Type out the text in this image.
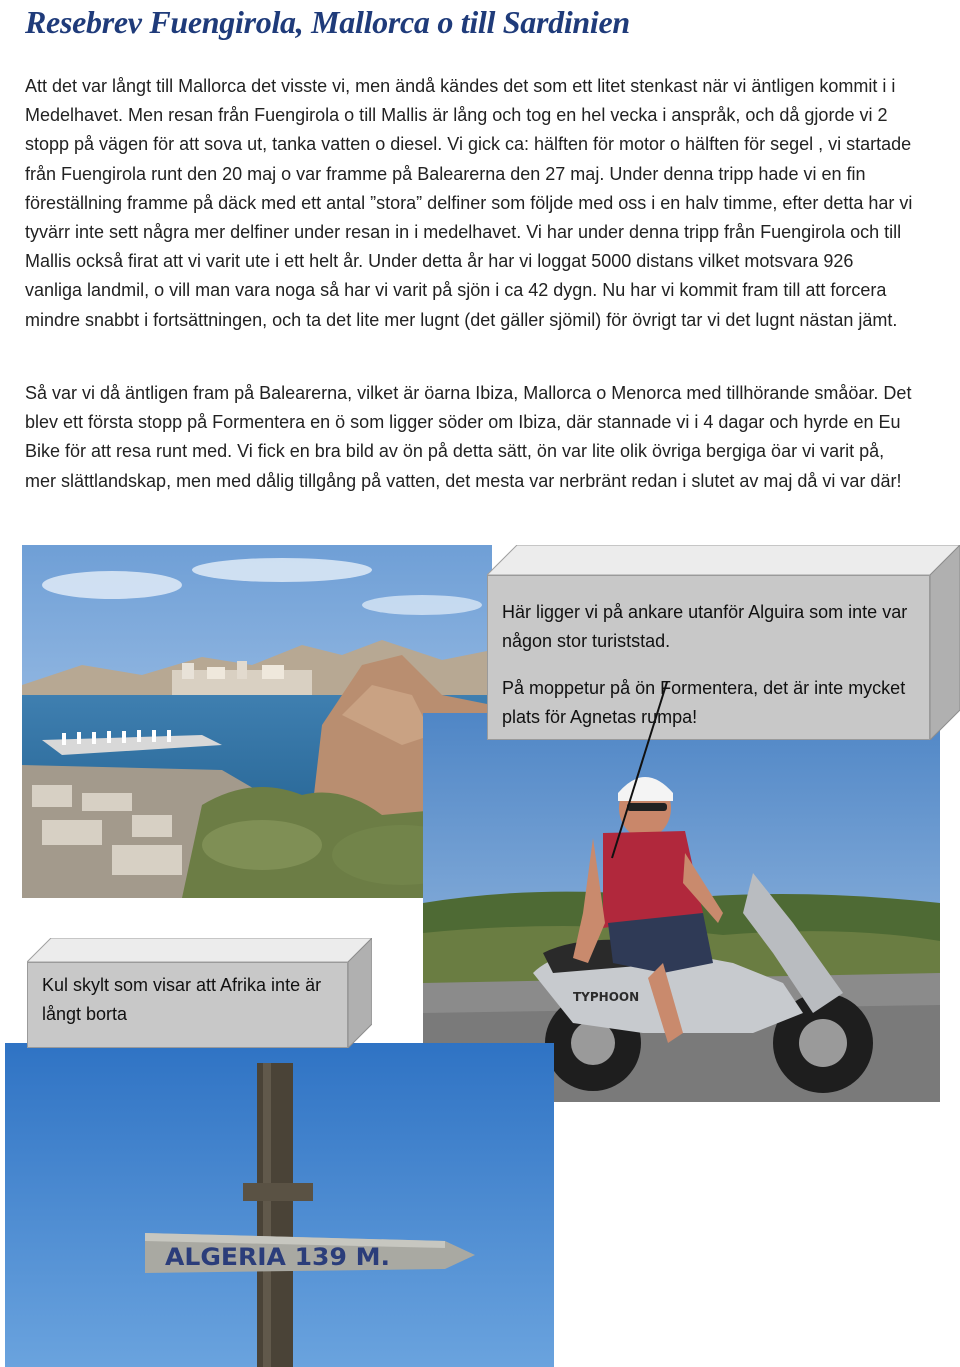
Resebrev Fuengirola, Mallorca o till Sardinien

Att det var långt till Mallorca det visste vi, men ändå kändes det som ett litet stenkast när vi äntligen kommit i i Medelhavet. Men resan från Fuengirola o till Mallis är lång och tog en hel vecka i anspråk, och då gjorde vi 2 stopp på vägen för att sova ut, tanka vatten o diesel. Vi gick ca: hälften för motor o hälften för segel , vi startade från Fuengirola runt den 20 maj o var framme på Balearerna den 27 maj. Under denna tripp hade vi en fin föreställning framme på däck med ett antal ”stora” delfiner som följde med oss i en halv timme, efter detta har vi tyvärr inte sett några mer delfiner under resan in i medelhavet. Vi har under denna tripp från Fuengirola och till Mallis också firat att vi varit ute i ett helt år. Under detta år har vi loggat 5000 distans vilket motsvara 926 vanliga landmil, o vill man vara noga så har vi varit på sjön i ca 42 dygn. Nu har vi kommit fram till att forcera mindre snabbt i fortsättningen, och ta det lite mer lugnt (det gäller sjömil) för övrigt tar vi det lugnt nästan jämt.

Så var vi då äntligen fram på Balearerna, vilket är öarna Ibiza, Mallorca o Menorca med tillhörande småöar. Det blev ett första stopp på Formentera en ö som ligger söder om Ibiza, där stannade vi i 4 dagar och hyrde en Eu Bike för att resa runt med. Vi fick en bra bild av ön på detta sätt, ön var lite olik övriga bergiga öar vi varit på, mer slättlandskap, men med dålig tillgång på vatten, det mesta var nerbränt redan i slutet av maj då vi var där!

TYPHOON
ALGERIA 139 M.

Här ligger vi på ankare utanför Alguira som inte var någon stor turiststad.

På moppetur på ön Formentera, det är inte mycket plats för Agnetas rumpa!

Kul skylt som visar att Afrika inte är långt borta
